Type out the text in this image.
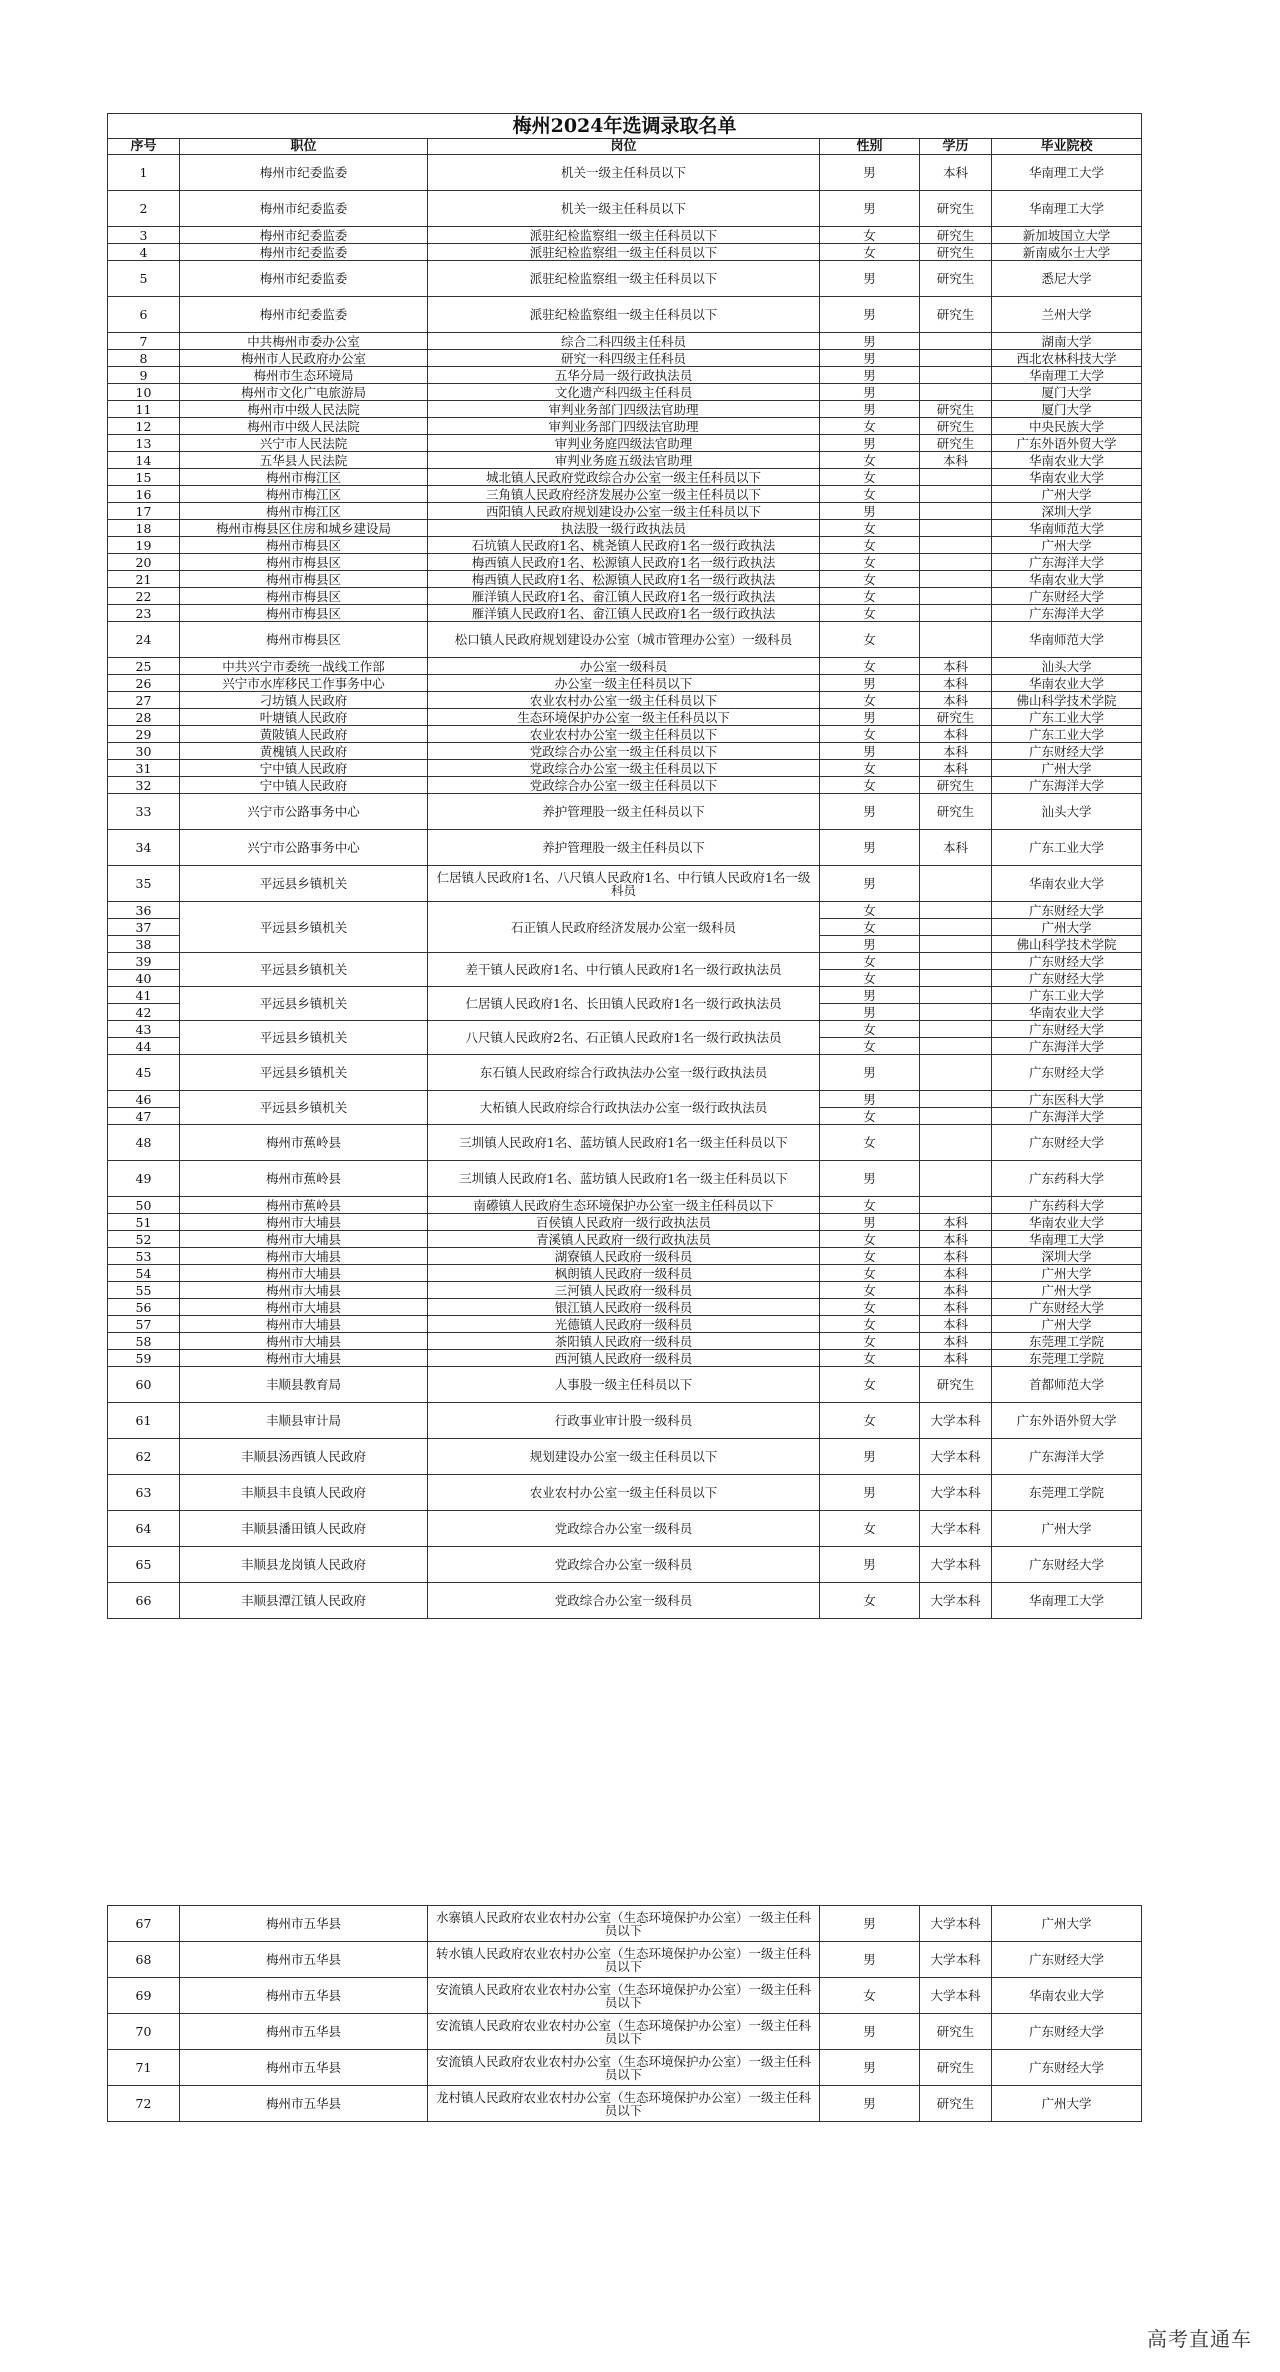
梅州2024年选调录取名单					
序号	职位	岗位	性别	学历	毕业院校
1	梅州市纪委监委	机关一级主任科员以下	男	本科	华南理工大学
2	梅州市纪委监委	机关一级主任科员以下	男	研究生	华南理工大学
3	梅州市纪委监委	派驻纪检监察组一级主任科员以下	女	研究生	新加坡国立大学
4	梅州市纪委监委	派驻纪检监察组一级主任科员以下	女	研究生	新南威尔士大学
5	梅州市纪委监委	派驻纪检监察组一级主任科员以下	男	研究生	悉尼大学
6	梅州市纪委监委	派驻纪检监察组一级主任科员以下	男	研究生	兰州大学
7	中共梅州市委办公室	综合二科四级主任科员	男		湖南大学
8	梅州市人民政府办公室	研究一科四级主任科员	男		西北农林科技大学
9	梅州市生态环境局	五华分局一级行政执法员	男		华南理工大学
10	梅州市文化广电旅游局	文化遗产科四级主任科员	男		厦门大学
11	梅州市中级人民法院	审判业务部门四级法官助理	男	研究生	厦门大学
12	梅州市中级人民法院	审判业务部门四级法官助理	女	研究生	中央民族大学
13	兴宁市人民法院	审判业务庭四级法官助理	男	研究生	广东外语外贸大学
14	五华县人民法院	审判业务庭五级法官助理	女	本科	华南农业大学
15	梅州市梅江区	城北镇人民政府党政综合办公室一级主任科员以下	女		华南农业大学
16	梅州市梅江区	三角镇人民政府经济发展办公室一级主任科员以下	女		广州大学
17	梅州市梅江区	西阳镇人民政府规划建设办公室一级主任科员以下	男		深圳大学
18	梅州市梅县区住房和城乡建设局	执法股一级行政执法员	女		华南师范大学
19	梅州市梅县区	石坑镇人民政府1名、桃尧镇人民政府1名一级行政执法	女		广州大学
20	梅州市梅县区	梅西镇人民政府1名、松源镇人民政府1名一级行政执法	女		广东海洋大学
21	梅州市梅县区	梅西镇人民政府1名、松源镇人民政府1名一级行政执法	女		华南农业大学
22	梅州市梅县区	雁洋镇人民政府1名、畲江镇人民政府1名一级行政执法	女		广东财经大学
23	梅州市梅县区	雁洋镇人民政府1名、畲江镇人民政府1名一级行政执法	女		广东海洋大学
24	梅州市梅县区	松口镇人民政府规划建设办公室（城市管理办公室）一级科员	女		华南师范大学
25	中共兴宁市委统一战线工作部	办公室一级科员	女	本科	汕头大学
26	兴宁市水库移民工作事务中心	办公室一级主任科员以下	男	本科	华南农业大学
27	刁坊镇人民政府	农业农村办公室一级主任科员以下	女	本科	佛山科学技术学院
28	叶塘镇人民政府	生态环境保护办公室一级主任科员以下	男	研究生	广东工业大学
29	黄陂镇人民政府	农业农村办公室一级主任科员以下	女	本科	广东工业大学
30	黄槐镇人民政府	党政综合办公室一级主任科员以下	男	本科	广东财经大学
31	宁中镇人民政府	党政综合办公室一级主任科员以下	女	本科	广州大学
32	宁中镇人民政府	党政综合办公室一级主任科员以下	女	研究生	广东海洋大学
33	兴宁市公路事务中心	养护管理股一级主任科员以下	男	研究生	汕头大学
34	兴宁市公路事务中心	养护管理股一级主任科员以下	男	本科	广东工业大学
35	平远县乡镇机关	仁居镇人民政府1名、八尺镇人民政府1名、中行镇人民政府1名一级科员	男		华南农业大学
36	平远县乡镇机关	石正镇人民政府经济发展办公室一级科员	女		广东财经大学
37			女		广州大学
38			男		佛山科学技术学院
39	平远县乡镇机关	差干镇人民政府1名、中行镇人民政府1名一级行政执法员	女		广东财经大学
40			女		广东财经大学
41	平远县乡镇机关	仁居镇人民政府1名、长田镇人民政府1名一级行政执法员	男		广东工业大学
42			男		华南农业大学
43	平远县乡镇机关	八尺镇人民政府2名、石正镇人民政府1名一级行政执法员	女		广东财经大学
44			女		广东海洋大学
45	平远县乡镇机关	东石镇人民政府综合行政执法办公室一级行政执法员	男		广东财经大学
46	平远县乡镇机关	大柘镇人民政府综合行政执法办公室一级行政执法员	男		广东医科大学
47			女		广东海洋大学
48	梅州市蕉岭县	三圳镇人民政府1名、蓝坊镇人民政府1名一级主任科员以下	女		广东财经大学
49	梅州市蕉岭县	三圳镇人民政府1名、蓝坊镇人民政府1名一级主任科员以下	男		广东药科大学
50	梅州市蕉岭县	南礤镇人民政府生态环境保护办公室一级主任科员以下	女		广东药科大学
51	梅州市大埔县	百侯镇人民政府一级行政执法员	男	本科	华南农业大学
52	梅州市大埔县	青溪镇人民政府一级行政执法员	女	本科	华南理工大学
53	梅州市大埔县	湖寮镇人民政府一级科员	女	本科	深圳大学
54	梅州市大埔县	枫朗镇人民政府一级科员	女	本科	广州大学
55	梅州市大埔县	三河镇人民政府一级科员	女	本科	广州大学
56	梅州市大埔县	银江镇人民政府一级科员	女	本科	广东财经大学
57	梅州市大埔县	光德镇人民政府一级科员	女	本科	广州大学
58	梅州市大埔县	茶阳镇人民政府一级科员	女	本科	东莞理工学院
59	梅州市大埔县	西河镇人民政府一级科员	女	本科	东莞理工学院
60	丰顺县教育局	人事股一级主任科员以下	女	研究生	首都师范大学
61	丰顺县审计局	行政事业审计股一级科员	女	大学本科	广东外语外贸大学
62	丰顺县汤西镇人民政府	规划建设办公室一级主任科员以下	男	大学本科	广东海洋大学
63	丰顺县丰良镇人民政府	农业农村办公室一级主任科员以下	男	大学本科	东莞理工学院
64	丰顺县潘田镇人民政府	党政综合办公室一级科员	女	大学本科	广州大学
65	丰顺县龙岗镇人民政府	党政综合办公室一级科员	男	大学本科	广东财经大学
66	丰顺县潭江镇人民政府	党政综合办公室一级科员	女	大学本科	华南理工大学
67	梅州市五华县	水寨镇人民政府农业农村办公室（生态环境保护办公室）一级主任科员以下	男	大学本科	广州大学
68	梅州市五华县	转水镇人民政府农业农村办公室（生态环境保护办公室）一级主任科员以下	男	大学本科	广东财经大学
69	梅州市五华县	安流镇人民政府农业农村办公室（生态环境保护办公室）一级主任科员以下	女	大学本科	华南农业大学
70	梅州市五华县	安流镇人民政府农业农村办公室（生态环境保护办公室）一级主任科员以下	男	研究生	广东财经大学
71	梅州市五华县	安流镇人民政府农业农村办公室（生态环境保护办公室）一级主任科员以下	男	研究生	广东财经大学
72	梅州市五华县	龙村镇人民政府农业农村办公室（生态环境保护办公室）一级主任科员以下	男	研究生	广州大学
高考直通车
